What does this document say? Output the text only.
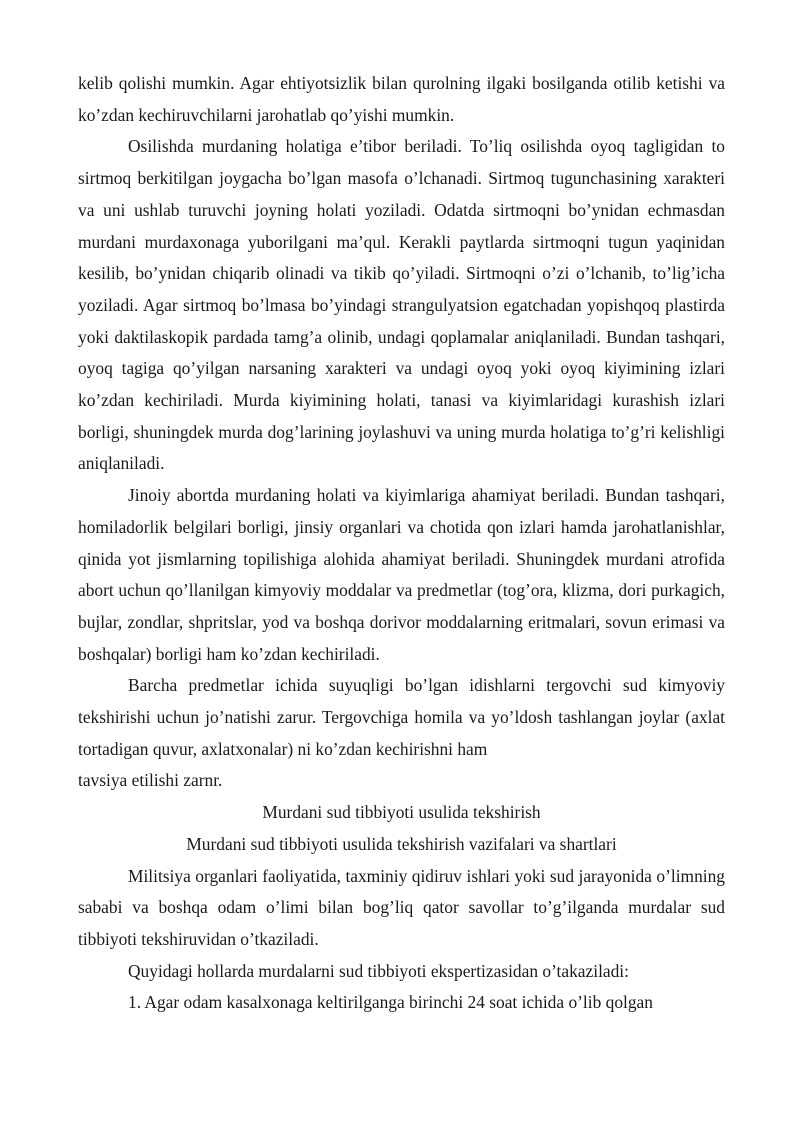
kelib qolishi mumkin. Agar ehtiyotsizlik bilan qurolning ilgaki bosilganda otilib ketishi va ko’zdan kechiruvchilarni jarohatlab qo’yishi mumkin.

Osilishda murdaning holatiga e’tibor beriladi. To’liq osilishda oyoq tagligidan to sirtmoq berkitilgan joygacha bo’lgan masofa o’lchanadi. Sirtmoq tugunchasining xarakteri va uni ushlab turuvchi joyning holati yoziladi. Odatda sirtmoqni bo’ynidan echmasdan murdani murdaxonaga yuborilgani ma’qul. Kerakli paytlarda sirtmoqni tugun yaqinidan kesilib, bo’ynidan chiqarib olinadi va tikib qo’yiladi. Sirtmoqni o’zi o’lchanib, to’lig’icha yoziladi. Agar sirtmoq bo’lmasa bo’yindagi strangulyatsion egatchadan yopishqoq plastirda yoki daktilaskopik pardada tamg’a olinib, undagi qoplamalar aniqlaniladi. Bundan tashqari, oyoq tagiga qo’yilgan narsaning xarakteri va undagi oyoq yoki oyoq kiyimining izlari ko’zdan kechiriladi. Murda kiyimining holati, tanasi va kiyimlaridagi kurashish izlari borligi, shuningdek murda dog’larining joylashuvi va uning murda holatiga to’g’ri kelishligi aniqlaniladi.

Jinoiy abortda murdaning holati va kiyimlariga ahamiyat beriladi. Bundan tashqari, homiladorlik belgilari borligi, jinsiy organlari va chotida qon izlari hamda jarohatlanishlar, qinida yot jismlarning topilishiga alohida ahamiyat beriladi. Shuningdek murdani atrofida abort uchun qo’llanilgan kimyoviy moddalar va predmetlar (tog’ora, klizma, dori purkagich, bujlar, zondlar, shpritslar, yod va boshqa dorivor moddalarning eritmalari, sovun erimasi va boshqalar) borligi ham ko’zdan kechiriladi.

Barcha predmetlar ichida suyuqligi bo’lgan idishlarni tergovchi sud kimyoviy tekshirishi uchun jo’natishi zarur. Tergovchiga homila va yo’ldosh tashlangan joylar (axlat tortadigan quvur, axlatxonalar) ni ko’zdan kechirishni ham

tavsiya etilishi zarnr.

Murdani sud tibbiyoti usulida tekshirish

Murdani sud tibbiyoti usulida tekshirish vazifalari va shartlari

Militsiya organlari faoliyatida, taxminiy qidiruv ishlari yoki sud jarayonida o’limning sababi va boshqa odam o’limi bilan bog’liq qator savollar to’g’ilganda murdalar sud tibbiyoti tekshiruvidan o’tkaziladi.

Quyidagi hollarda murdalarni sud tibbiyoti ekspertizasidan o’takaziladi:

1. Agar odam kasalxonaga keltirilganga birinchi 24 soat ichida o’lib qolgan
